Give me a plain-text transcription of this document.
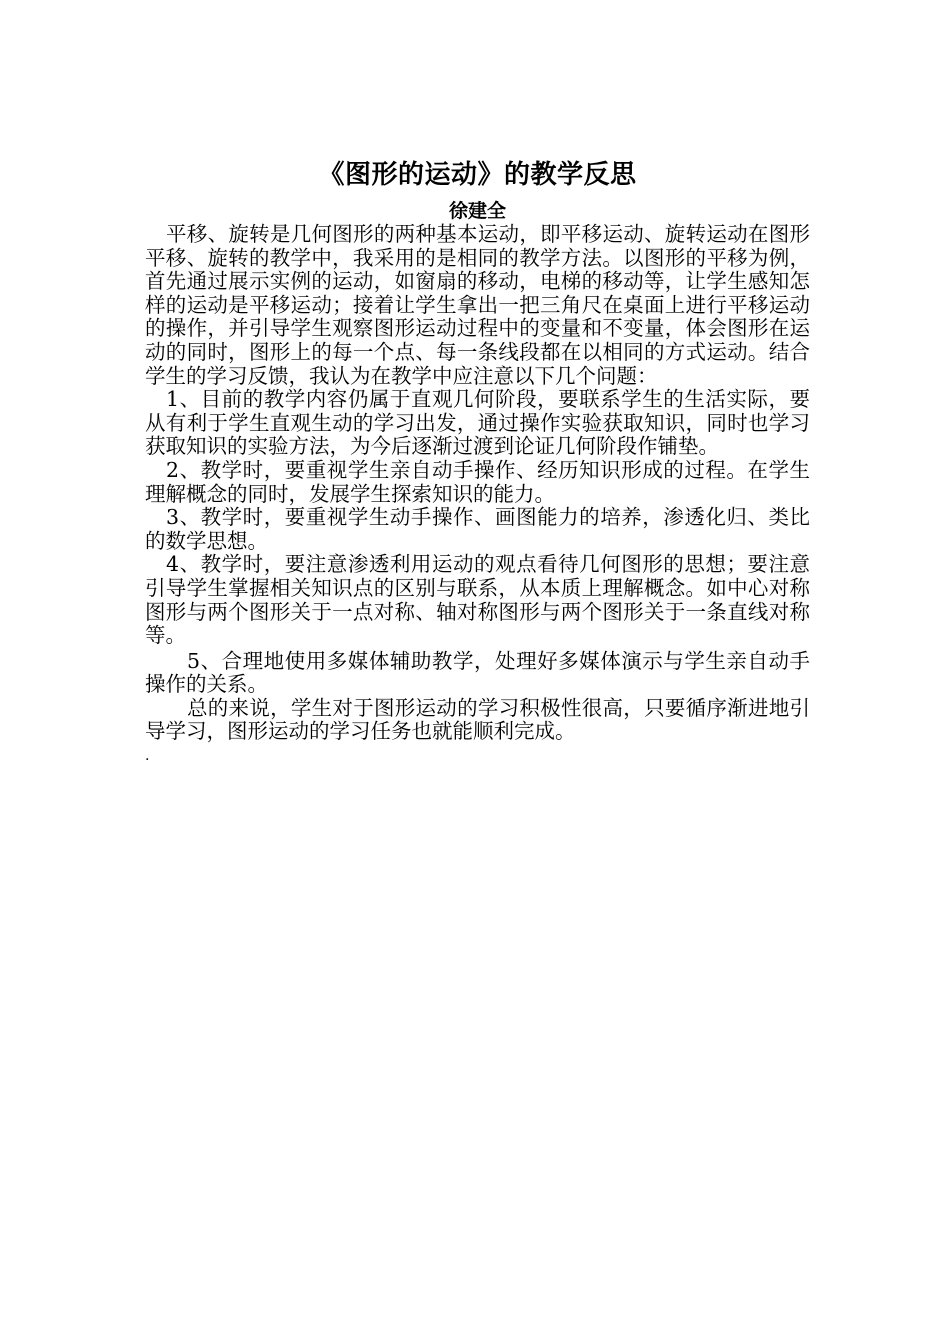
《图形的运动》的教学反思
徐建全

平移、旋转是几何图形的两种基本运动，即平移运动、旋转运动在图形平移、旋转的教学中，我采用的是相同的教学方法。以图形的平移为例，首先通过展示实例的运动，如窗扇的移动，电梯的移动等，让学生感知怎样的运动是平移运动；接着让学生拿出一把三角尺在桌面上进行平移运动的操作，并引导学生观察图形运动过程中的变量和不变量，体会图形在运动的同时，图形上的每一个点、每一条线段都在以相同的方式运动。结合学生的学习反馈，我认为在教学中应注意以下几个问题：

1、目前的教学内容仍属于直观几何阶段，要联系学生的生活实际，要从有利于学生直观生动的学习出发，通过操作实验获取知识，同时也学习获取知识的实验方法，为今后逐渐过渡到论证几何阶段作铺垫。

2、教学时，要重视学生亲自动手操作、经历知识形成的过程。在学生理解概念的同时，发展学生探索知识的能力。

3、教学时，要重视学生动手操作、画图能力的培养，渗透化归、类比的数学思想。

4、教学时，要注意渗透利用运动的观点看待几何图形的思想；要注意引导学生掌握相关知识点的区别与联系，从本质上理解概念。如中心对称图形与两个图形关于一点对称、轴对称图形与两个图形关于一条直线对称等。

5、合理地使用多媒体辅助教学，处理好多媒体演示与学生亲自动手操作的关系。

总的来说，学生对于图形运动的学习积极性很高，只要循序渐进地引导学习，图形运动的学习任务也就能顺利完成。

.
